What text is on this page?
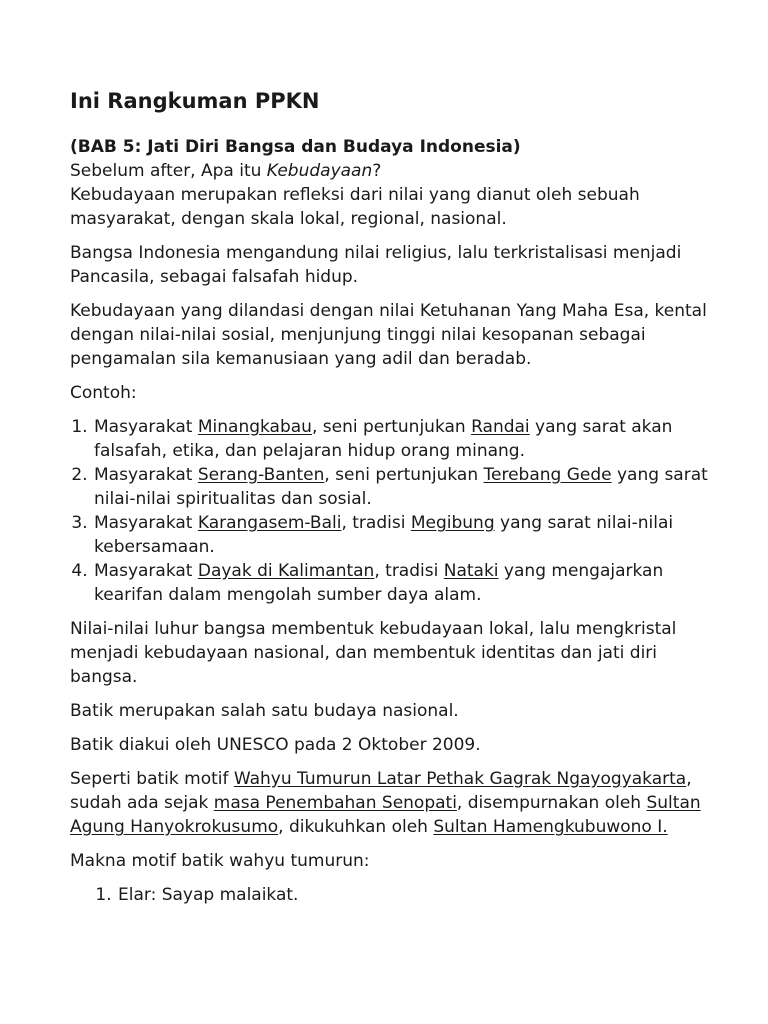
Ini Rangkuman PPKN
(BAB 5: Jati Diri Bangsa dan Budaya Indonesia)

Sebelum after, Apa itu Kebudayaan?

Kebudayaan merupakan refleksi dari nilai yang dianut oleh sebuah masyarakat, dengan skala lokal, regional, nasional.

Bangsa Indonesia mengandung nilai religius, lalu terkristalisasi menjadi Pancasila, sebagai falsafah hidup.

Kebudayaan yang dilandasi dengan nilai Ketuhanan Yang Maha Esa, kental dengan nilai-nilai sosial, menjunjung tinggi nilai kesopanan sebagai pengamalan sila kemanusiaan yang adil dan beradab.

Contoh:

1. Masyarakat Minangkabau, seni pertunjukan Randai yang sarat akan falsafah, etika, dan pelajaran hidup orang minang.
2. Masyarakat Serang-Banten, seni pertunjukan Terebang Gede yang sarat nilai-nilai spiritualitas dan sosial.
3. Masyarakat Karangasem-Bali, tradisi Megibung yang sarat nilai-nilai kebersamaan.
4. Masyarakat Dayak di Kalimantan, tradisi Nataki yang mengajarkan kearifan dalam mengolah sumber daya alam.

Nilai-nilai luhur bangsa membentuk kebudayaan lokal, lalu mengkristal menjadi kebudayaan nasional, dan membentuk identitas dan jati diri bangsa.

Batik merupakan salah satu budaya nasional.

Batik diakui oleh UNESCO pada 2 Oktober 2009.

Seperti batik motif Wahyu Tumurun Latar Pethak Gagrak Ngayogyakarta, sudah ada sejak masa Penembahan Senopati, disempurnakan oleh Sultan Agung Hanyokrokusumo, dikukuhkan oleh Sultan Hamengkubuwono I.

Makna motif batik wahyu tumurun:

1. Elar: Sayap malaikat.
